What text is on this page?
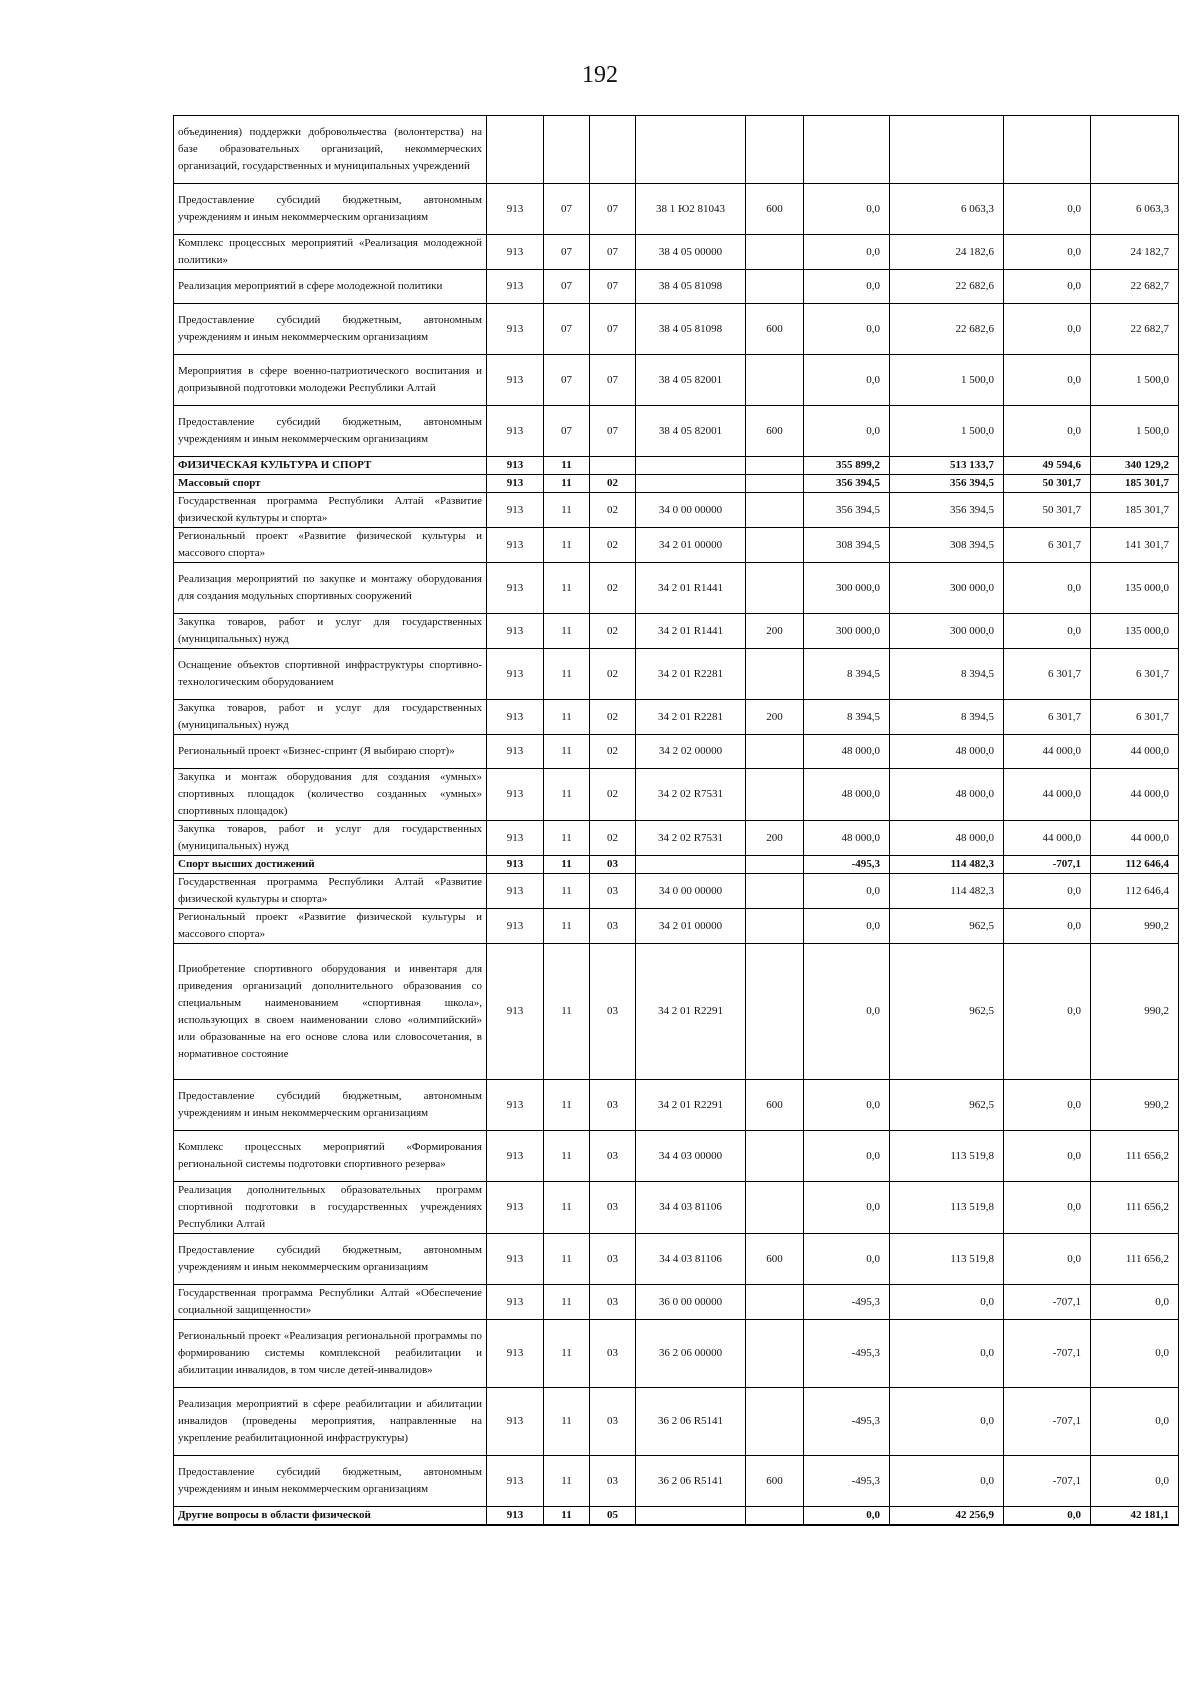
192
объединения) поддержки добровольчества (волонтерства) на базе образовательных организаций, некоммерческих организаций, государственных и муниципальных учреждений									
Предоставление субсидий бюджетным, автономным учреждениям и иным некоммерческим организациям	913	07	07	38 1 Ю2 81043	600	0,0	6 063,3	0,0	6 063,3
Комплекс процессных мероприятий «Реализация молодежной политики»	913	07	07	38 4 05 00000		0,0	24 182,6	0,0	24 182,7
Реализация мероприятий в сфере молодежной политики	913	07	07	38 4 05 81098		0,0	22 682,6	0,0	22 682,7
Предоставление субсидий бюджетным, автономным учреждениям и иным некоммерческим организациям	913	07	07	38 4 05 81098	600	0,0	22 682,6	0,0	22 682,7
Мероприятия в сфере военно-патриотического воспитания и допризывной подготовки молодежи Республики Алтай	913	07	07	38 4 05 82001		0,0	1 500,0	0,0	1 500,0
Предоставление субсидий бюджетным, автономным учреждениям и иным некоммерческим организациям	913	07	07	38 4 05 82001	600	0,0	1 500,0	0,0	1 500,0
ФИЗИЧЕСКАЯ КУЛЬТУРА И СПОРТ	913	11				355 899,2	513 133,7	49 594,6	340 129,2
Массовый спорт	913	11	02			356 394,5	356 394,5	50 301,7	185 301,7
Государственная программа Республики Алтай «Развитие физической культуры и спорта»	913	11	02	34 0 00 00000		356 394,5	356 394,5	50 301,7	185 301,7
Региональный проект «Развитие физической культуры и массового спорта»	913	11	02	34 2 01 00000		308 394,5	308 394,5	6 301,7	141 301,7
Реализация мероприятий по закупке и монтажу оборудования для создания модульных спортивных сооружений	913	11	02	34 2 01 R1441		300 000,0	300 000,0	0,0	135 000,0
Закупка товаров, работ и услуг для государственных (муниципальных) нужд	913	11	02	34 2 01 R1441	200	300 000,0	300 000,0	0,0	135 000,0
Оснащение объектов спортивной инфраструктуры спортивно-технологическим оборудованием	913	11	02	34 2 01 R2281		8 394,5	8 394,5	6 301,7	6 301,7
Закупка товаров, работ и услуг для государственных (муниципальных) нужд	913	11	02	34 2 01 R2281	200	8 394,5	8 394,5	6 301,7	6 301,7
Региональный проект «Бизнес-спринт (Я выбираю спорт)»	913	11	02	34 2 02 00000		48 000,0	48 000,0	44 000,0	44 000,0
Закупка и монтаж оборудования для создания «умных» спортивных площадок (количество созданных «умных» спортивных площадок)	913	11	02	34 2 02 R7531		48 000,0	48 000,0	44 000,0	44 000,0
Закупка товаров, работ и услуг для государственных (муниципальных) нужд	913	11	02	34 2 02 R7531	200	48 000,0	48 000,0	44 000,0	44 000,0
Спорт высших достижений	913	11	03			-495,3	114 482,3	-707,1	112 646,4
Государственная программа Республики Алтай «Развитие физической культуры и спорта»	913	11	03	34 0 00 00000		0,0	114 482,3	0,0	112 646,4
Региональный проект «Развитие физической культуры и массового спорта»	913	11	03	34 2 01 00000		0,0	962,5	0,0	990,2
Приобретение спортивного оборудования и инвентаря для приведения организаций дополнительного образования со специальным наименованием «спортивная школа», использующих в своем наименовании слово «олимпийский» или образованные на его основе слова или словосочетания, в нормативное состояние	913	11	03	34 2 01 R2291		0,0	962,5	0,0	990,2
Предоставление субсидий бюджетным, автономным учреждениям и иным некоммерческим организациям	913	11	03	34 2 01 R2291	600	0,0	962,5	0,0	990,2
Комплекс процессных мероприятий «Формирования региональной системы подготовки спортивного резерва»	913	11	03	34 4 03 00000		0,0	113 519,8	0,0	111 656,2
Реализация дополнительных образовательных программ спортивной подготовки в государственных учреждениях Республики Алтай	913	11	03	34 4 03 81106		0,0	113 519,8	0,0	111 656,2
Предоставление субсидий бюджетным, автономным учреждениям и иным некоммерческим организациям	913	11	03	34 4 03 81106	600	0,0	113 519,8	0,0	111 656,2
Государственная программа Республики Алтай «Обеспечение социальной защищенности»	913	11	03	36 0 00 00000		-495,3	0,0	-707,1	0,0
Региональный проект «Реализация региональной программы по формированию системы комплексной реабилитации и абилитации инвалидов, в том числе детей-инвалидов»	913	11	03	36 2 06 00000		-495,3	0,0	-707,1	0,0
Реализация мероприятий в сфере реабилитации и абилитации инвалидов (проведены мероприятия, направленные на укрепление реабилитационной инфраструктуры)	913	11	03	36 2 06 R5141		-495,3	0,0	-707,1	0,0
Предоставление субсидий бюджетным, автономным учреждениям и иным некоммерческим организациям	913	11	03	36 2 06 R5141	600	-495,3	0,0	-707,1	0,0
Другие вопросы в области физической	913	11	05			0,0	42 256,9	0,0	42 181,1
